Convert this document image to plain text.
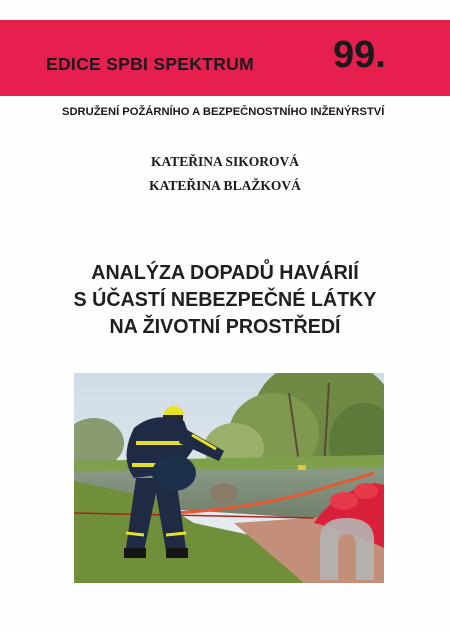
EDICE SPBI SPEKTRUM 99.
SDRUŽENÍ POŽÁRNÍHO A BEZPEČNOSTNÍHO INŽENÝRSTVÍ
KATEŘINA SIKOROVÁ
KATEŘINA BLAŽKOVÁ
ANALÝZA DOPADŮ HAVÁRIÍ
S ÚČASTÍ NEBEZPEČNÉ LÁTKY
NA ŽIVOTNÍ PROSTŘEDÍ
